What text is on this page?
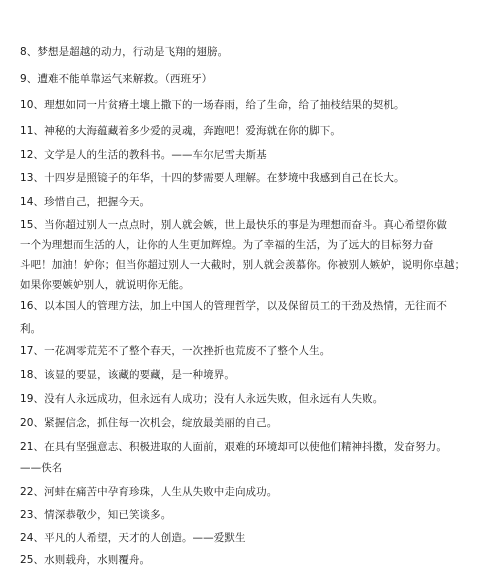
8、梦想是超越的动力，行动是飞翔的翅膀。
9、遭难不能单靠运气来解救。（西班牙）
10、理想如同一片贫瘠土壤上撒下的一场春雨，给了生命，给了抽枝结果的契机。
11、神秘的大海蕴藏着多少爱的灵魂，奔跑吧！爱海就在你的脚下。
12、文学是人的生活的教科书。——车尔尼雪夫斯基
13、十四岁是照镜子的年华，十四的梦需要人理解。在梦境中我感到自己在长大。
14、珍惜自己，把握今天。
15、当你超过别人一点点时，别人就会嫉，世上最快乐的事是为理想而奋斗。真心希望你做
一个为理想而生活的人，让你的人生更加辉煌。为了幸福的生活，为了远大的目标努力奋
斗吧！加油！妒你；但当你超过别人一大截时，别人就会羡慕你。你被别人嫉妒，说明你卓越；
如果你要嫉妒别人，就说明你无能。
16、以本国人的管理方法，加上中国人的管理哲学，以及保留员工的干劲及热情，无往而不
利。
17、一花凋零荒芜不了整个春天，一次挫折也荒废不了整个人生。
18、该显的要显，该藏的要藏，是一种境界。
19、没有人永远成功，但永远有人成功；没有人永远失败，但永远有人失败。
20、紧握信念，抓住每一次机会，绽放最美丽的自己。
21、在具有坚强意志、积极进取的人面前，艰难的环境却可以使他们精神抖擞，发奋努力。
——佚名
22、河蚌在痛苦中孕育珍珠，人生从失败中走向成功。
23、情深恭敬少，知已笑谈多。
24、平凡的人希望，天才的人创造。——爱默生
25、水则载舟，水则覆舟。
